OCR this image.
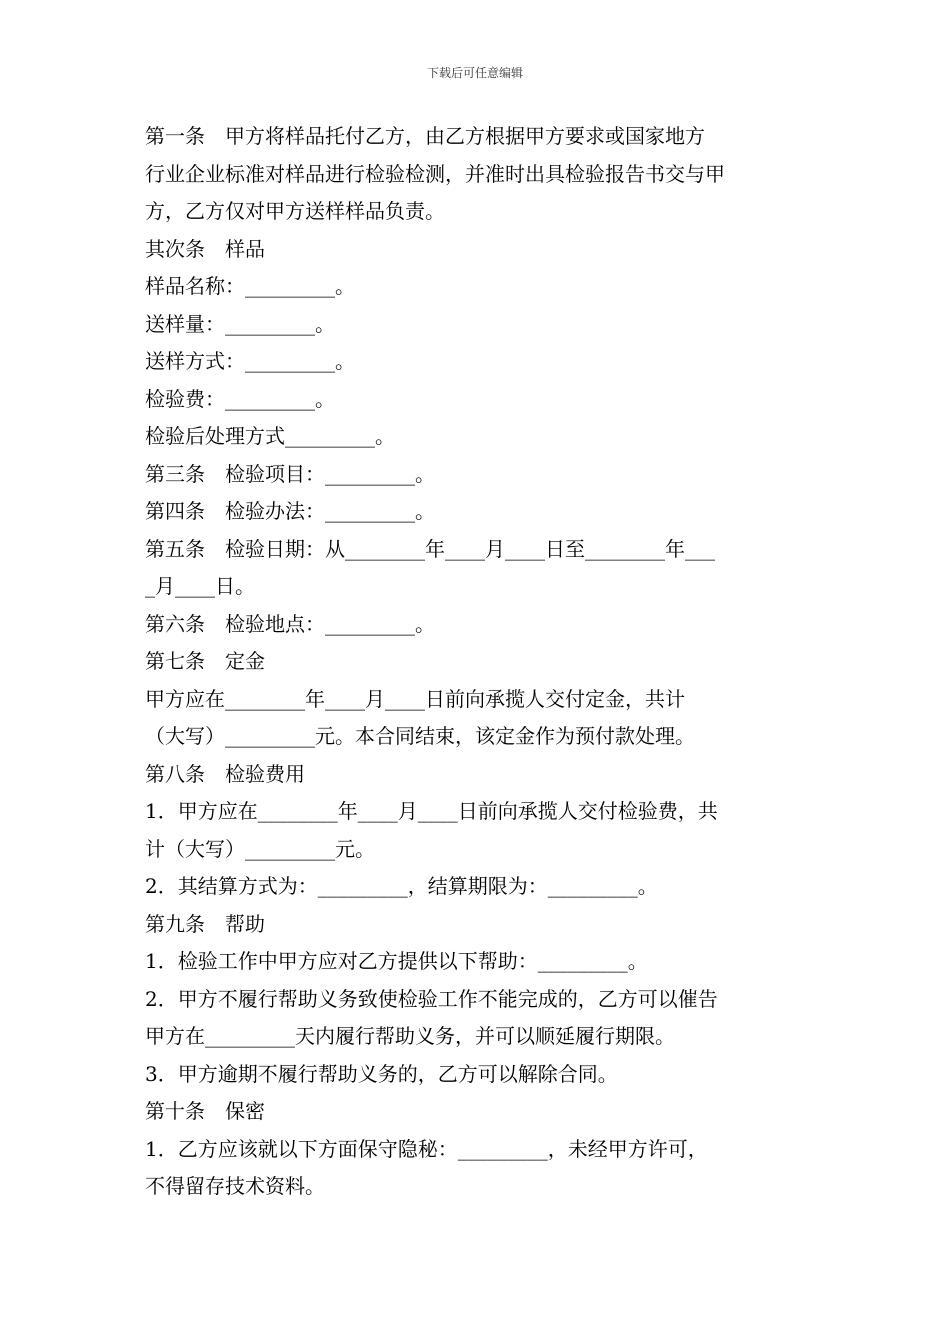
下载后可任意编辑
第一条　甲方将样品托付乙方，由乙方根据甲方要求或国家地方
行业企业标准对样品进行检验检测，并准时出具检验报告书交与甲
方，乙方仅对甲方送样样品负责。
其次条　样品
样品名称：_________。
送样量：_________。
送样方式：_________。
检验费：_________。
检验后处理方式_________。
第三条　检验项目：_________。
第四条　检验办法：_________。
第五条　检验日期：从________年____月____日至________年___
_月____日。
第六条　检验地点：_________。
第七条　定金
甲方应在________年____月____日前向承揽人交付定金，共计
（大写）_________元。本合同结束，该定金作为预付款处理。
第八条　检验费用
1．甲方应在________年____月____日前向承揽人交付检验费，共
计（大写）_________元。
2．其结算方式为：_________，结算期限为：_________。
第九条　帮助
1．检验工作中甲方应对乙方提供以下帮助：_________。
2．甲方不履行帮助义务致使检验工作不能完成的，乙方可以催告
甲方在_________天内履行帮助义务，并可以顺延履行期限。
3．甲方逾期不履行帮助义务的，乙方可以解除合同。
第十条　保密
1．乙方应该就以下方面保守隐秘：_________，未经甲方许可，
不得留存技术资料。
